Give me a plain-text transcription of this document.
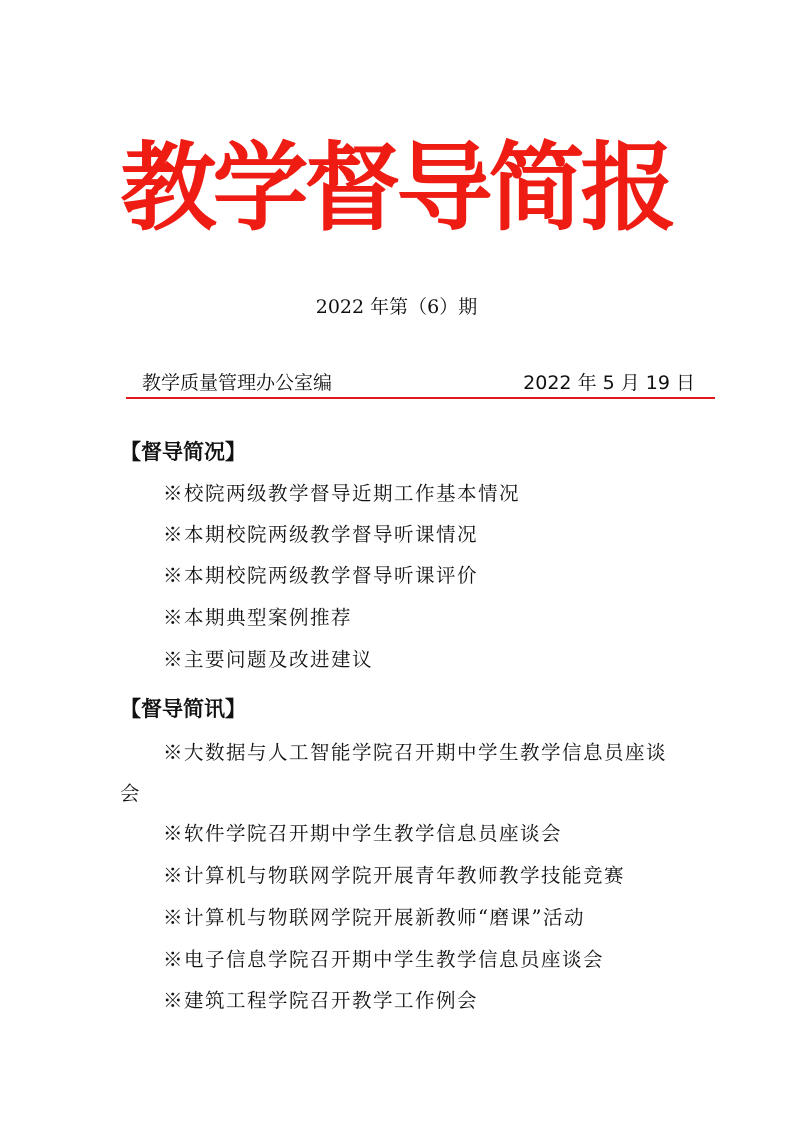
教学督导简报
2022 年第（6）期
教学质量管理办公室编	2022 年 5 月 19 日
【督导简况】
※校院两级教学督导近期工作基本情况
※本期校院两级教学督导听课情况
※本期校院两级教学督导听课评价
※本期典型案例推荐
※主要问题及改进建议
【督导简讯】
※大数据与人工智能学院召开期中学生教学信息员座谈会
※软件学院召开期中学生教学信息员座谈会
※计算机与物联网学院开展青年教师教学技能竞赛
※计算机与物联网学院开展新教师“磨课”活动
※电子信息学院召开期中学生教学信息员座谈会
※建筑工程学院召开教学工作例会
